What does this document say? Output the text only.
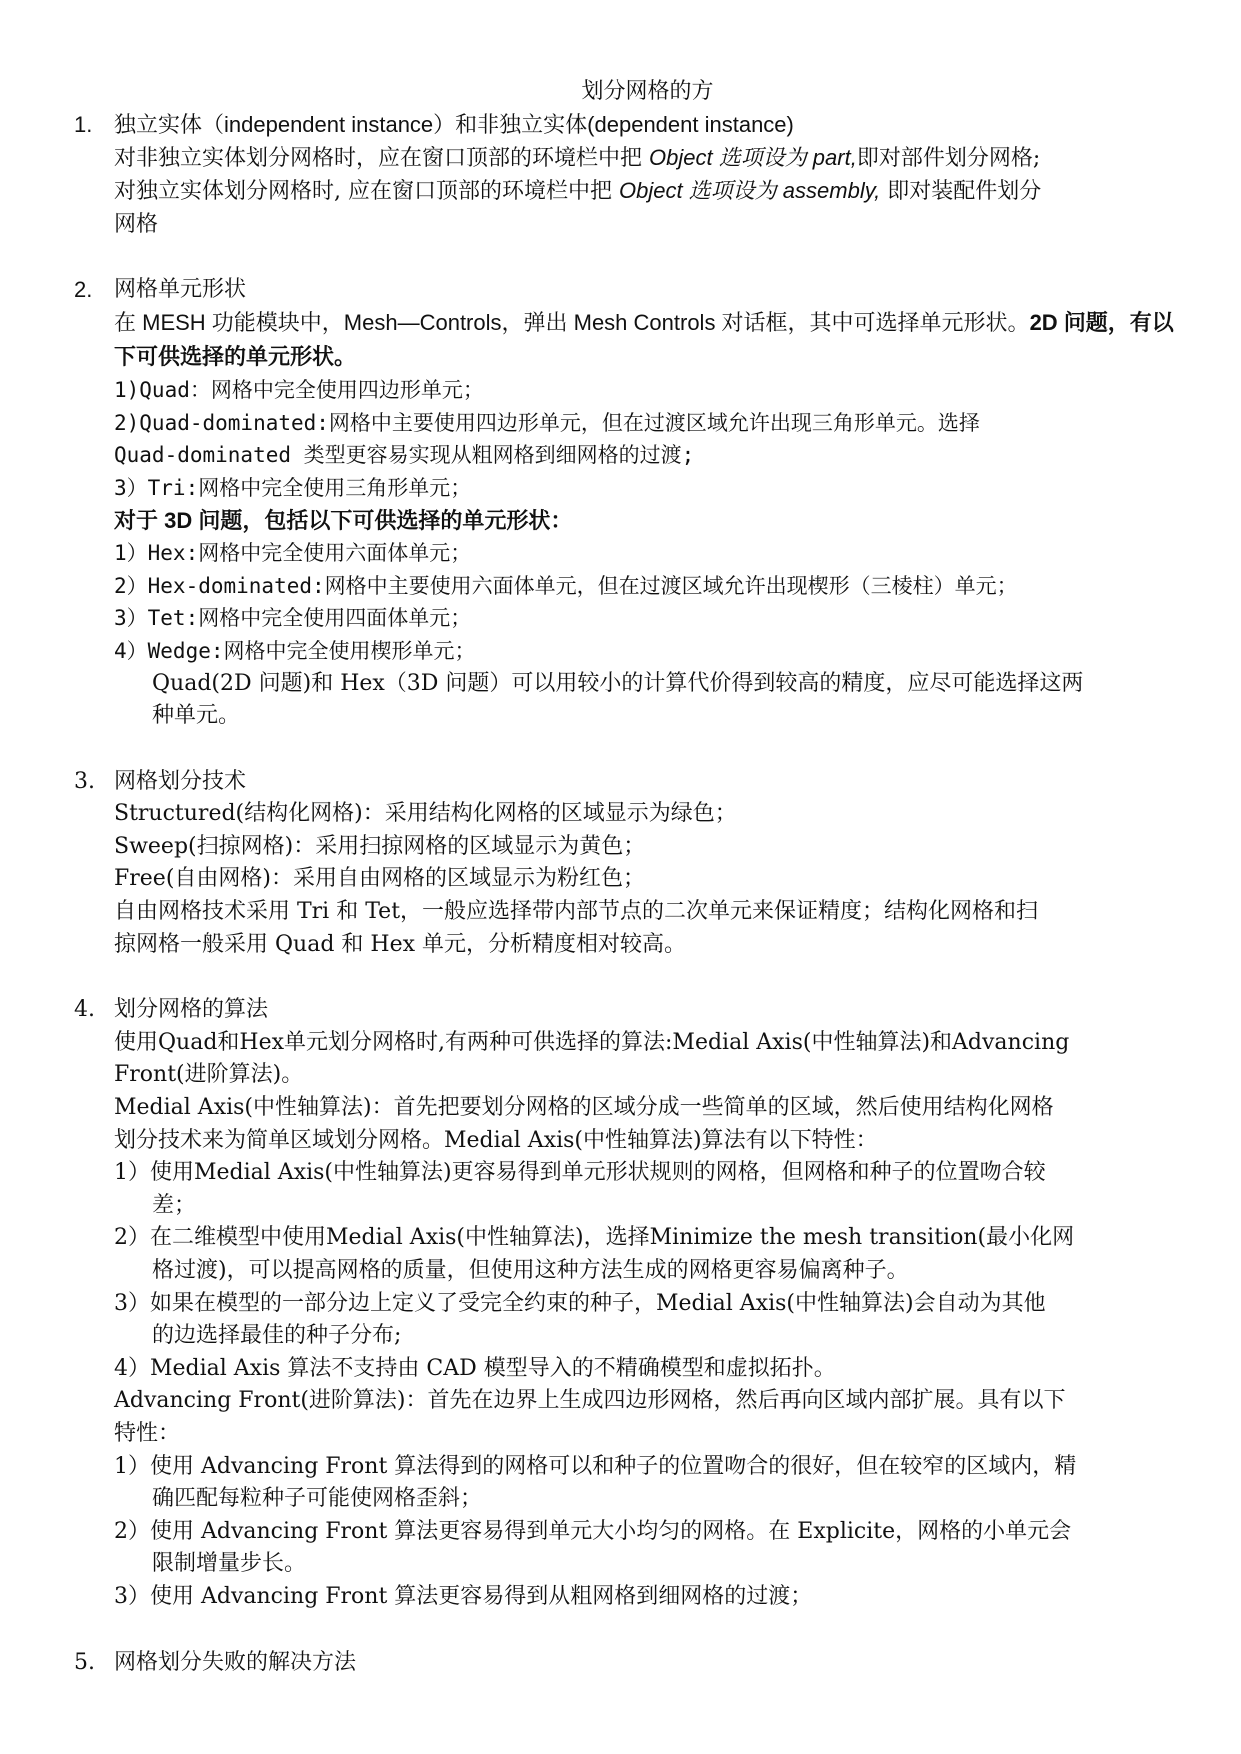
划分网格的方
1. 独立实体（independent instance）和非独立实体(dependent instance)

对非独立实体划分网格时，应在窗口顶部的环境栏中把 Object 选项设为 part,即对部件划分网格;

对独立实体划分网格时, 应在窗口顶部的环境栏中把 Object 选项设为 assembly, 即对装配件划分

网格

2. 网格单元形状

在 MESH 功能模块中，Mesh—Controls，弹出 Mesh Controls 对话框，其中可选择单元形状。2D 问题，有以下可供选择的单元形状。

1)Quad：网格中完全使用四边形单元；

2)Quad-dominated:网格中主要使用四边形单元，但在过渡区域允许出现三角形单元。选择

Quad-dominated 类型更容易实现从粗网格到细网格的过渡;

3）Tri:网格中完全使用三角形单元；

对于 3D 问题，包括以下可供选择的单元形状：

1）Hex:网格中完全使用六面体单元；

2）Hex-dominated:网格中主要使用六面体单元，但在过渡区域允许出现楔形（三棱柱）单元；

3）Tet:网格中完全使用四面体单元；

4）Wedge:网格中完全使用楔形单元；

Quad(2D 问题)和 Hex（3D 问题）可以用较小的计算代价得到较高的精度，应尽可能选择这两

种单元。

3. 网格划分技术

Structured(结构化网格)：采用结构化网格的区域显示为绿色；

Sweep(扫掠网格)：采用扫掠网格的区域显示为黄色；

Free(自由网格)：采用自由网格的区域显示为粉红色；

自由网格技术采用 Tri 和 Tet，一般应选择带内部节点的二次单元来保证精度；结构化网格和扫

掠网格一般采用 Quad 和 Hex 单元，分析精度相对较高。

4. 划分网格的算法

使用Quad和Hex单元划分网格时,有两种可供选择的算法:Medial Axis(中性轴算法)和Advancing

Front(进阶算法)。

Medial Axis(中性轴算法)：首先把要划分网格的区域分成一些简单的区域，然后使用结构化网格

划分技术来为简单区域划分网格。Medial Axis(中性轴算法)算法有以下特性：

1）使用Medial Axis(中性轴算法)更容易得到单元形状规则的网格，但网格和种子的位置吻合较

差；

2）在二维模型中使用Medial Axis(中性轴算法)，选择Minimize the mesh transition(最小化网

格过渡)，可以提高网格的质量，但使用这种方法生成的网格更容易偏离种子。

3）如果在模型的一部分边上定义了受完全约束的种子，Medial Axis(中性轴算法)会自动为其他

的边选择最佳的种子分布;

4）Medial Axis 算法不支持由 CAD 模型导入的不精确模型和虚拟拓扑。

Advancing Front(进阶算法)：首先在边界上生成四边形网格，然后再向区域内部扩展。具有以下

特性：

1）使用 Advancing Front 算法得到的网格可以和种子的位置吻合的很好，但在较窄的区域内，精

确匹配每粒种子可能使网格歪斜；

2）使用 Advancing Front 算法更容易得到单元大小均匀的网格。在 Explicite，网格的小单元会

限制增量步长。

3）使用 Advancing Front 算法更容易得到从粗网格到细网格的过渡；

5. 网格划分失败的解决方法
